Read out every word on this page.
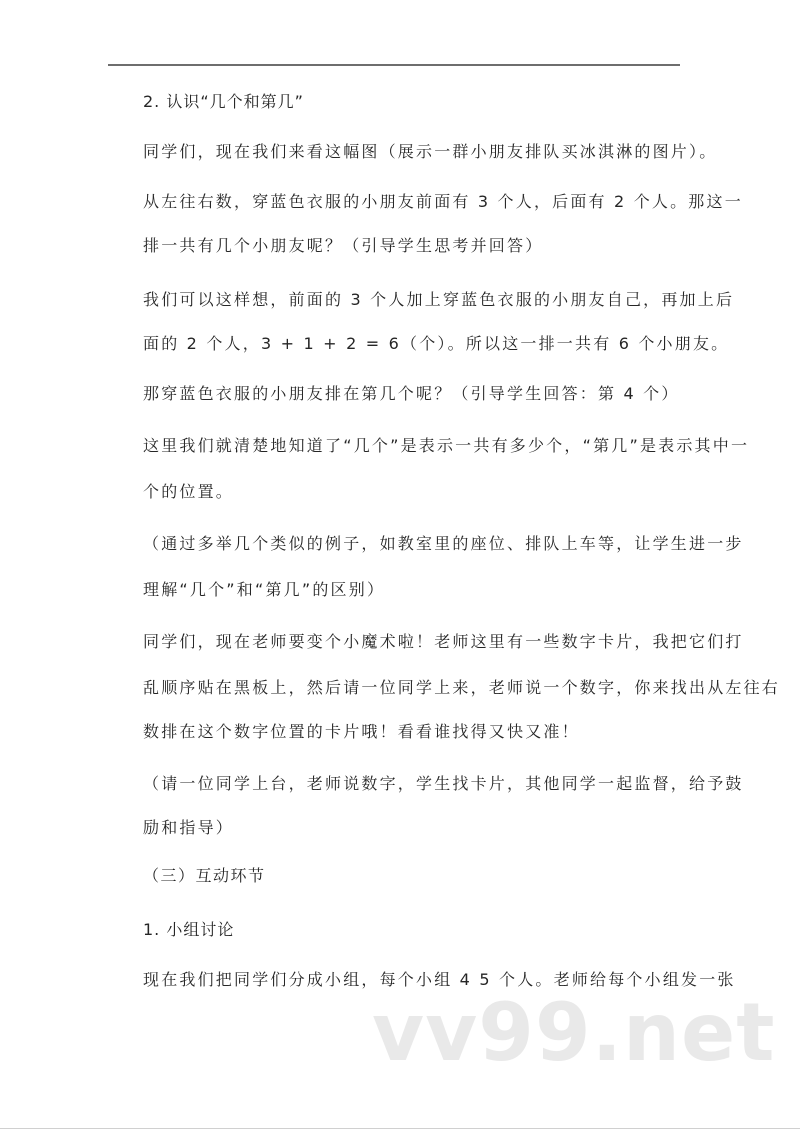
2. 认识“几个和第几”

同学们，现在我们来看这幅图（展示一群小朋友排队买冰淇淋的图片）。

从左往右数，穿蓝色衣服的小朋友前面有 3 个人，后面有 2 个人。那这一

排一共有几个小朋友呢？（引导学生思考并回答）

我们可以这样想，前面的 3 个人加上穿蓝色衣服的小朋友自己，再加上后

面的 2 个人，3 + 1 + 2 = 6（个）。所以这一排一共有 6 个小朋友。

那穿蓝色衣服的小朋友排在第几个呢？（引导学生回答：第 4 个）

这里我们就清楚地知道了“几个”是表示一共有多少个，“第几”是表示其中一

个的位置。

（通过多举几个类似的例子，如教室里的座位、排队上车等，让学生进一步

理解“几个”和“第几”的区别）

同学们，现在老师要变个小魔术啦！老师这里有一些数字卡片，我把它们打

乱顺序贴在黑板上，然后请一位同学上来，老师说一个数字，你来找出从左往右

数排在这个数字位置的卡片哦！看看谁找得又快又准！

（请一位同学上台，老师说数字，学生找卡片，其他同学一起监督，给予鼓

励和指导）

（三）互动环节

1. 小组讨论

现在我们把同学们分成小组，每个小组 4 5 个人。老师给每个小组发一张

vv99.net
